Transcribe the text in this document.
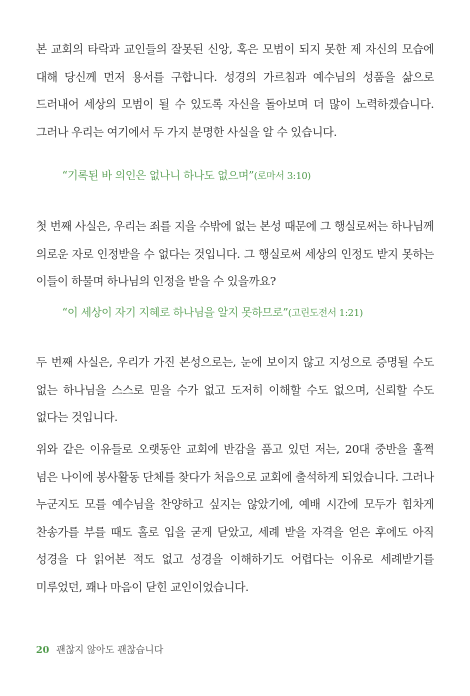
본 교회의 타락과 교인들의 잘못된 신앙, 혹은 모범이 되지 못한 제 자신의 모습에 대해 당신께 먼저 용서를 구합니다. 성경의 가르침과 예수님의 성품을 삶으로 드러내어 세상의 모범이 될 수 있도록 자신을 돌아보며 더 많이 노력하겠습니다. 그러나 우리는 여기에서 두 가지 분명한 사실을 알 수 있습니다.

“기록된 바 의인은 없나니 하나도 없으며”(로마서 3:10)

첫 번째 사실은, 우리는 죄를 지을 수밖에 없는 본성 때문에 그 행실로써는 하나님께 의로운 자로 인정받을 수 없다는 것입니다. 그 행실로써 세상의 인정도 받지 못하는 이들이 하물며 하나님의 인정을 받을 수 있을까요?

“이 세상이 자기 지혜로 하나님을 알지 못하므로”(고린도전서 1:21)

두 번째 사실은, 우리가 가진 본성으로는, 눈에 보이지 않고 지성으로 증명될 수도 없는 하나님을 스스로 믿을 수가 없고 도저히 이해할 수도 없으며, 신뢰할 수도 없다는 것입니다.

위와 같은 이유들로 오랫동안 교회에 반감을 품고 있던 저는, 20대 중반을 훌쩍 넘은 나이에 봉사활동 단체를 찾다가 처음으로 교회에 출석하게 되었습니다. 그러나 누군지도 모를 예수님을 찬양하고 싶지는 않았기에, 예배 시간에 모두가 힘차게 찬송가를 부를 때도 홀로 입을 굳게 닫았고, 세례 받을 자격을 얻은 후에도 아직 성경을 다 읽어본 적도 없고 성경을 이해하기도 어렵다는 이유로 세례받기를 미루었던, 꽤나 마음이 닫힌 교인이었습니다.

20 괜찮지 않아도 괜찮습니다
